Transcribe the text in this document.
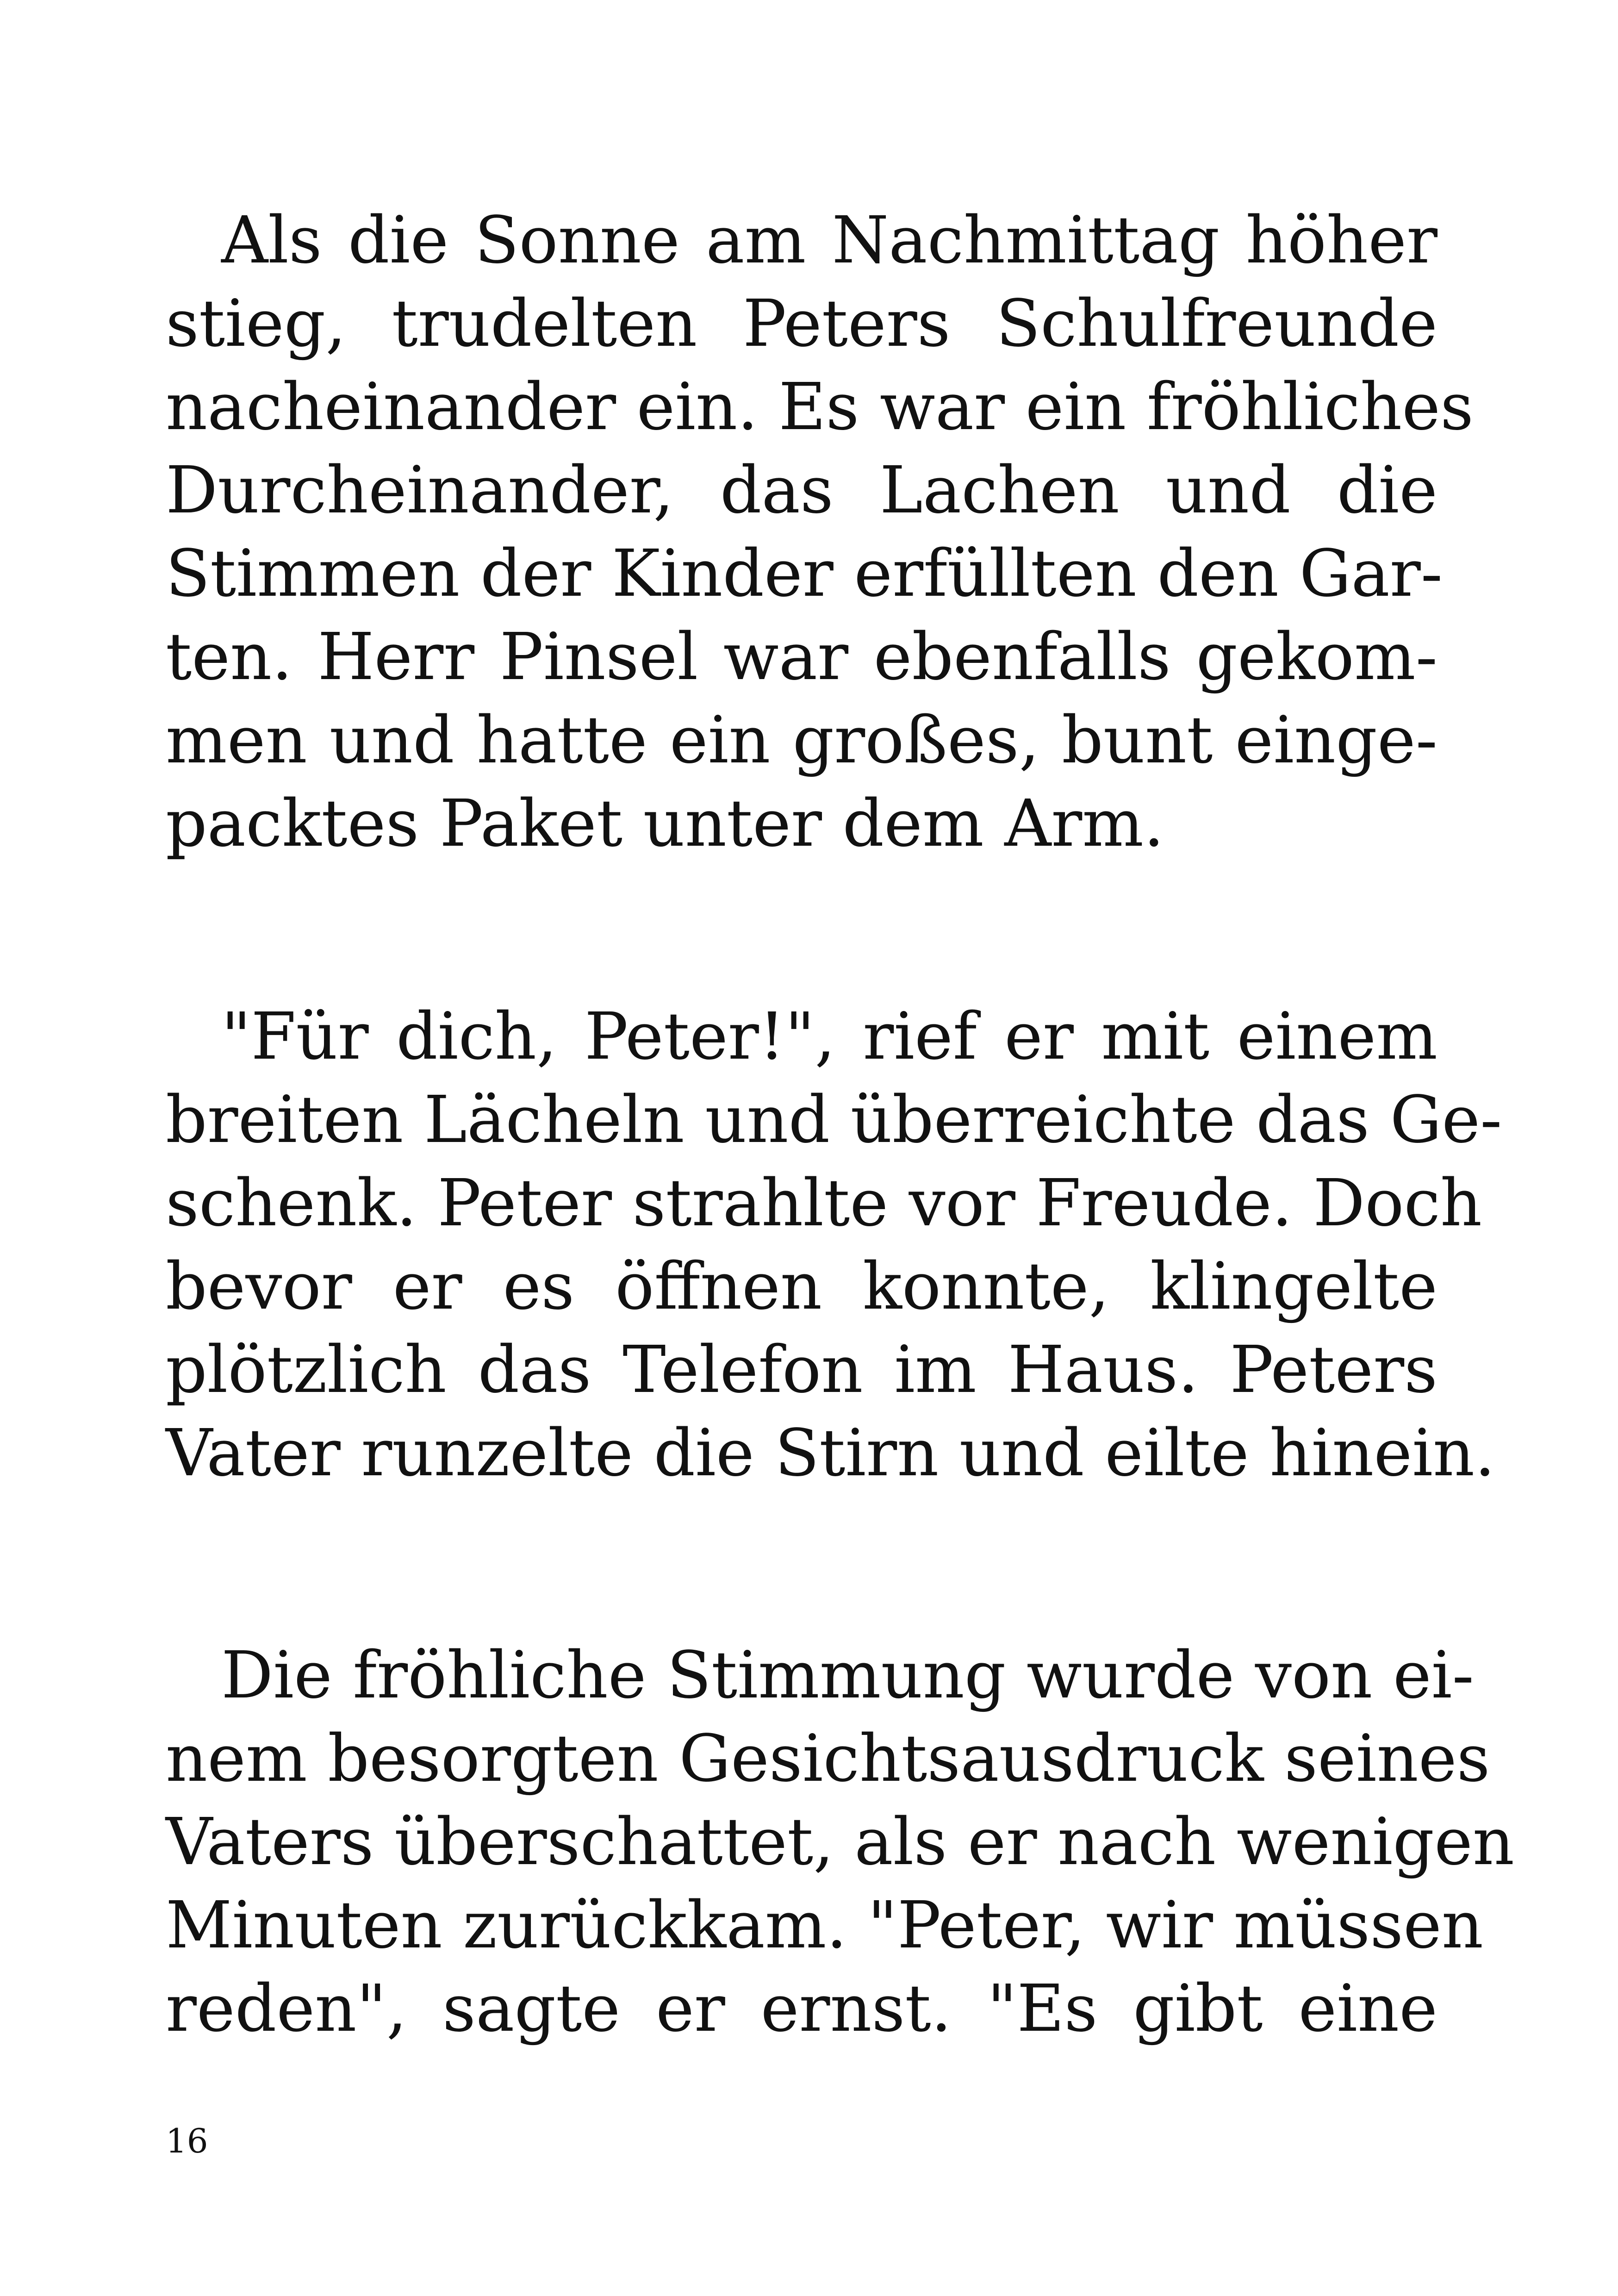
Als die Sonne am Nachmittag höher
stieg, trudelten Peters Schulfreunde
nacheinander ein. Es war ein fröhliches
Durcheinander, das Lachen und die
Stimmen der Kinder erfüllten den Gar-
ten. Herr Pinsel war ebenfalls gekom-
men und hatte ein großes, bunt einge-
packtes Paket unter dem Arm.
"Für dich, Peter!", rief er mit einem
breiten Lächeln und überreichte das Ge-
schenk. Peter strahlte vor Freude. Doch
bevor er es öffnen konnte, klingelte
plötzlich das Telefon im Haus. Peters
Vater runzelte die Stirn und eilte hinein.
Die fröhliche Stimmung wurde von ei-
nem besorgten Gesichtsausdruck seines
Vaters überschattet, als er nach wenigen
Minuten zurückkam. "Peter, wir müssen
reden", sagte er ernst. "Es gibt eine
16
